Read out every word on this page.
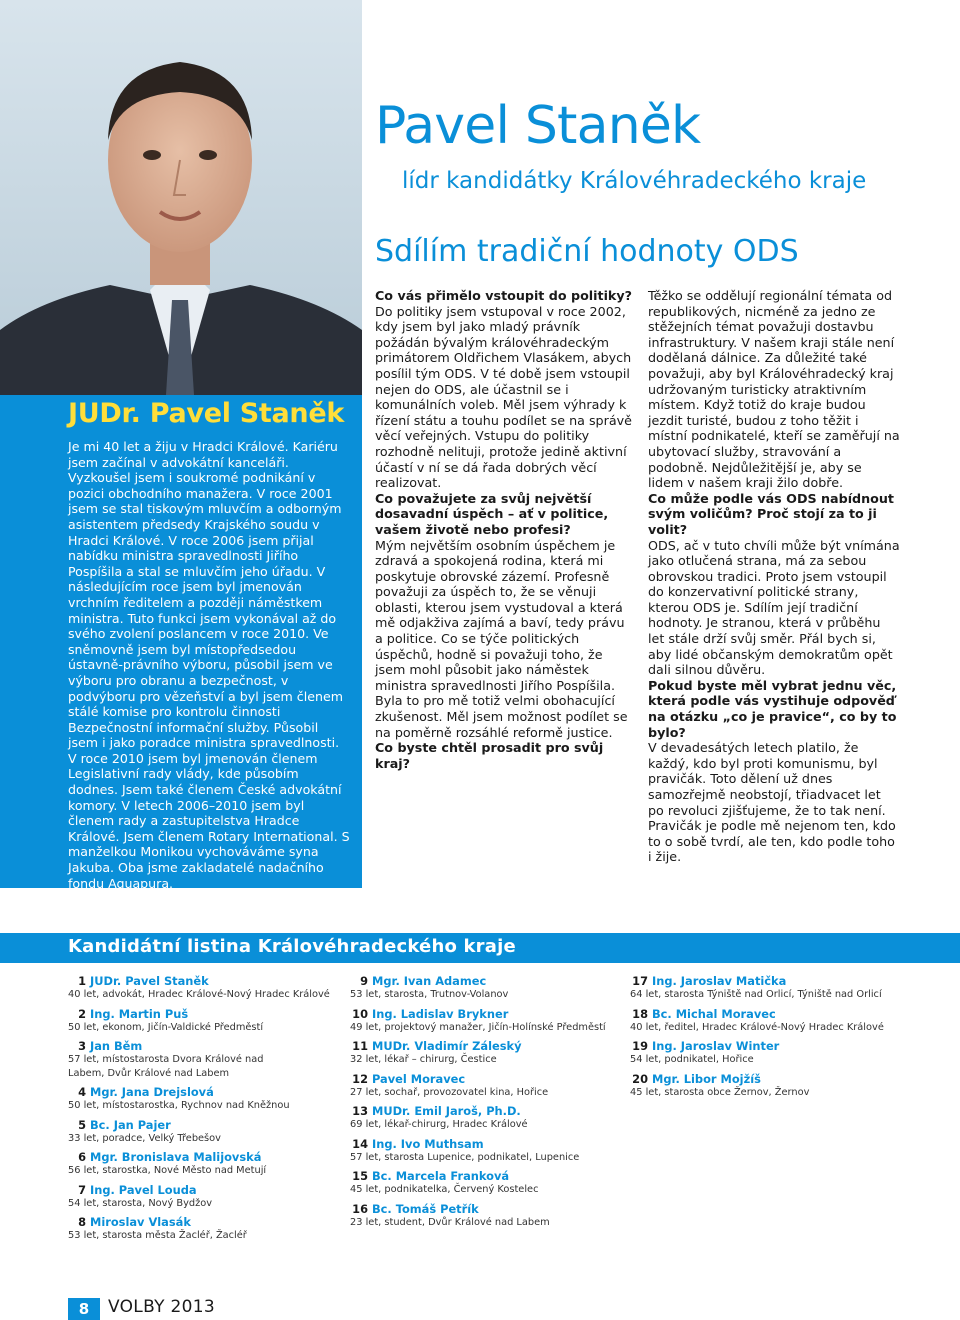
JUDr. Pavel Staněk

Je mi 40 let a žiju v Hradci Králové. Kariéru jsem začínal v advokátní kanceláři. Vyzkoušel jsem i soukromé podnikání v pozici obchodního manažera. V roce 2001 jsem se stal tiskovým mluvčím a odborným asistentem předsedy Krajského soudu v Hradci Králové. V roce 2006 jsem přijal nabídku ministra spravedlnosti Jiřího Pospíšila a stal se mluvčím jeho úřadu. V následujícím roce jsem byl jmenován vrchním ředitelem a později náměstkem ministra. Tuto funkci jsem vykonával až do svého zvolení poslancem v roce 2010. Ve sněmovně jsem byl místopředsedou ústavně-právního výboru, působil jsem ve výboru pro obranu a bezpečnost, v podvýboru pro vězeňství a byl jsem členem stálé komise pro kontrolu činnosti Bezpečnostní informační služby. Působil jsem i jako poradce ministra spravedlnosti. V roce 2010 jsem byl jmenován členem Legislativní rady vlády, kde působím dodnes. Jsem také členem České advokátní komory. V letech 2006–2010 jsem byl členem rady a zastupitelstva Hradce Králové. Jsem členem Rotary International. S manželkou Monikou vychováváme syna Jakuba. Oba jsme zakladatelé nadačního fondu Aquapura.

Pavel Staněk
lídr kandidátky Královéhradeckého kraje
Sdílím tradiční hodnoty ODS

Co vás přimělo vstoupit do politiky?

Do politiky jsem vstupoval v roce 2002, kdy jsem byl jako mladý právník požádán bývalým královéhradeckým primátorem Oldřichem Vlasákem, abych posílil tým ODS. V té době jsem vstoupil nejen do ODS, ale účastnil se i komunálních voleb. Měl jsem výhrady k řízení státu a touhu podílet se na správě věcí veřejných. Vstupu do politiky rozhodně nelituji, protože jedině aktivní účastí v ní se dá řada dobrých věcí realizovat.

Co považujete za svůj největší dosavadní úspěch – ať v politice, vašem životě nebo profesi?

Mým největším osobním úspěchem je zdravá a spokojená rodina, která mi poskytuje obrovské zázemí. Profesně považuji za úspěch to, že se věnuji oblasti, kterou jsem vystudoval a která mě odjakživa zajímá a baví, tedy právu a politice. Co se týče politických úspěchů, hodně si považuji toho, že jsem mohl působit jako náměstek ministra spravedlnosti Jiřího Pospíšila. Byla to pro mě totiž velmi obohacující zkušenost. Měl jsem možnost podílet se na poměrně rozsáhlé reformě justice.

Co byste chtěl prosadit pro svůj kraj?

Těžko se oddělují regionální témata od republikových, nicméně za jedno ze stěžejních témat považuji dostavbu infrastruktury. V našem kraji stále není dodělaná dálnice. Za důležité také považuji, aby byl Královéhradecký kraj udržovaným turisticky atraktivním místem. Když totiž do kraje budou jezdit turisté, budou z toho těžit i místní podnikatelé, kteří se zaměřují na ubytovací služby, stravování a podobně. Nejdůležitější je, aby se lidem v našem kraji žilo dobře.

Co může podle vás ODS nabídnout svým voličům? Proč stojí za to ji volit?

ODS, ač v tuto chvíli může být vnímána jako otlučená strana, má za sebou obrovskou tradici. Proto jsem vstoupil do konzervativní politické strany, kterou ODS je. Sdílím její tradiční hodnoty. Je stranou, která v průběhu let stále drží svůj směr. Přál bych si, aby lidé občanským demokratům opět dali silnou důvěru.

Pokud byste měl vybrat jednu věc, která podle vás vystihuje odpověď na otázku „co je pravice“, co by to bylo?

V devadesátých letech platilo, že každý, kdo byl proti komunismu, byl pravičák. Toto dělení už dnes samozřejmě neobstojí, třiadvacet let po revoluci zjišťujeme, že to tak není. Pravičák je podle mě nejenom ten, kdo to o sobě tvrdí, ale ten, kdo podle toho i žije.

Kandidátní listina Královéhradeckého kraje
1 JUDr. Pavel Staněk
40 let, advokát, Hradec Králové-Nový Hradec Králové
2 Ing. Martin Puš
50 let, ekonom, Jičín-Valdické Předměstí
3 Jan Běm
57 let, místostarosta Dvora Králové nad Labem, Dvůr Králové nad Labem
4 Mgr. Jana Drejslová
50 let, místostarostka, Rychnov nad Kněžnou
5 Bc. Jan Pajer
33 let, poradce, Velký Třebešov
6 Mgr. Bronislava Malijovská
56 let, starostka, Nové Město nad Metují
7 Ing. Pavel Louda
54 let, starosta, Nový Bydžov
8 Miroslav Vlasák
53 let, starosta města Žacléř, Žacléř
9 Mgr. Ivan Adamec
53 let, starosta, Trutnov-Volanov
10 Ing. Ladislav Brykner
49 let, projektový manažer, Jičín-Holínské Předměstí
11 MUDr. Vladimír Záleský
32 let, lékař – chirurg, Čestice
12 Pavel Moravec
27 let, sochař, provozovatel kina, Hořice
13 MUDr. Emil Jaroš, Ph.D.
69 let, lékař-chirurg, Hradec Králové
14 Ing. Ivo Muthsam
57 let, starosta Lupenice, podnikatel, Lupenice
15 Bc. Marcela Franková
45 let, podnikatelka, Červený Kostelec
16 Bc. Tomáš Petřík
23 let, student, Dvůr Králové nad Labem
17 Ing. Jaroslav Matička
64 let, starosta Týniště nad Orlicí, Týniště nad Orlicí
18 Bc. Michal Moravec
40 let, ředitel, Hradec Králové-Nový Hradec Králové
19 Ing. Jaroslav Winter
54 let, podnikatel, Hořice
20 Mgr. Libor Mojžíš
45 let, starosta obce Žernov, Žernov
8	VOLBY 2013
